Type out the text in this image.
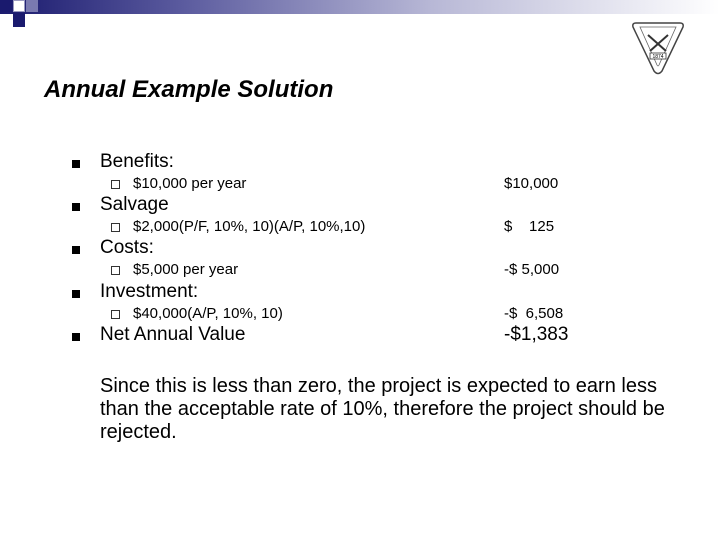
1874
Annual Example Solution
Benefits:
$10,000 per year	$10,000
Salvage
$2,000(P/F, 10%, 10)(A/P, 10%,10)	$    125
Costs:
$5,000 per year	-$ 5,000
Investment:
$40,000(A/P, 10%, 10)	-$  6,508
Net Annual Value	-$1,383
Since this is less than zero, the project is expected to earn less than the acceptable rate of 10%, therefore the project should be rejected.
